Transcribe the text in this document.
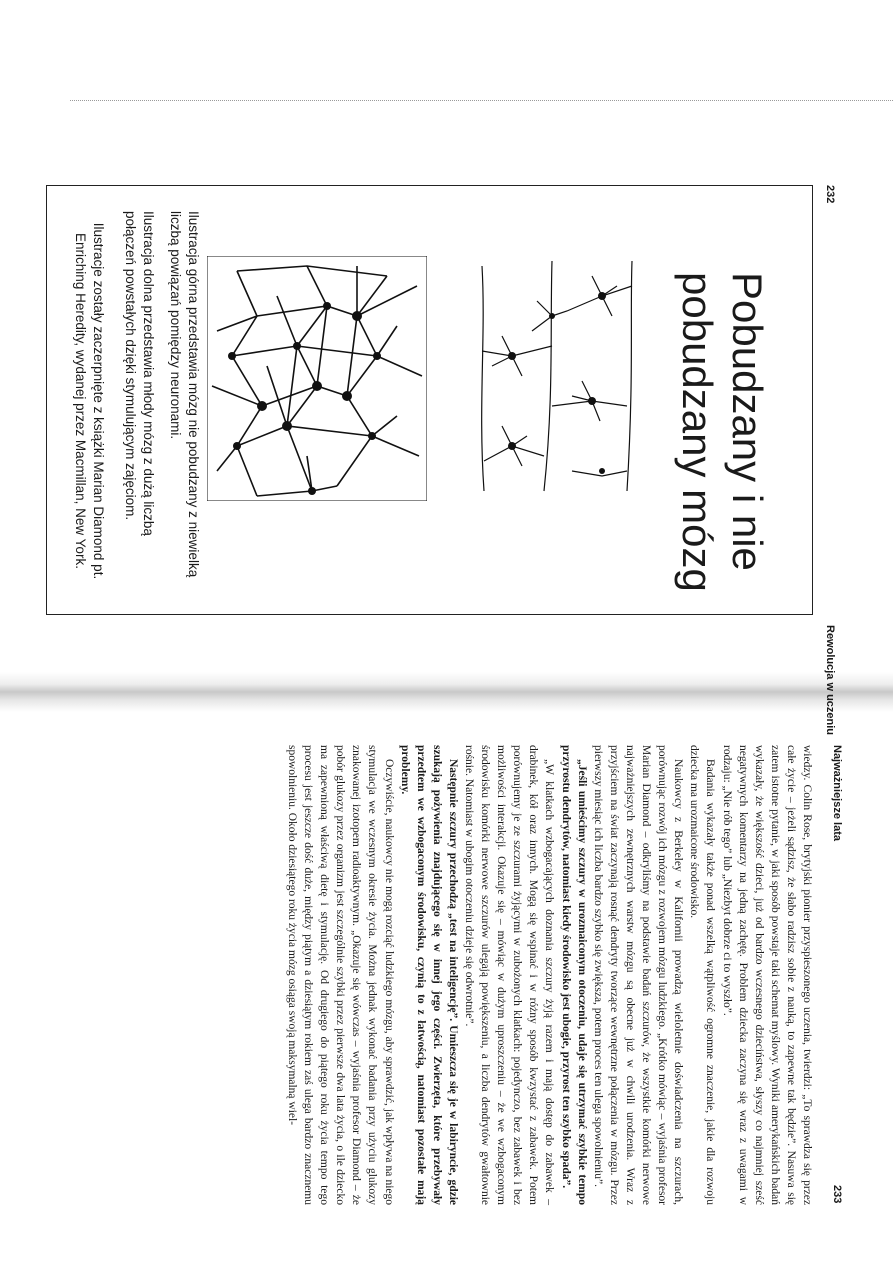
232
Rewolucja w uczeniu
Pobudzany i nie pobudzany mózg
Ilustracja górna przedstawia mózg nie pobudzany z niewielką liczbą powiązań pomiędzy neuronami.
Ilustracja dolna przedstawia młody mózg z dużą liczbą połączeń powstałych dzięki stymulującym zajęciom.
Ilustracje zostały zaczerpnięte z książki Marian Diamond pt. Enriching Heredity, wydanej przez Macmillan, New York.
Najważniejsze lata
233

wiedzy. Colin Rose, brytyjski pionier przyspieszonego uczenia, twierdzi: „To sprawdza się przez całe życie – jeżeli sądzisz, że słabo radzisz sobie z nauką, to zapewne tak będzie”. Nasuwa się zatem istotne pytanie, w jaki sposób powstaje taki schemat myślowy. Wyniki amerykańskich badań wykazały, że większość dzieci, już od bardzo wczesnego dzieciństwa, słyszy co najmniej sześć negatywnych komentarzy na jedną zachętę. Problem dziecka zaczyna się wraz z uwagami w rodzaju: „Nie rób tego” lub „Niezbyt dobrze ci to wyszło”.

Badania wykazały także ponad wszelką wątpliwość ogromne znaczenie, jakie dla rozwoju dziecka ma urozmaicone środowisko.

Naukowcy z Berkeley w Kalifornii prowadzą wieloletnie doświadczenia na szczurach, porównując rozwój ich mózgu z rozwojem mózgu ludzkiego. „Krótko mówiąc – wyjaśnia profesor Marian Diamond – odkryliśmy na podstawie badań szczurów, że wszystkie komórki nerwowe najważniejszych zewnętrznych warstw mózgu są obecne już w chwili urodzenia. Wraz z przyjściem na świat zaczynają rosnąć dendryty tworzące wewnętrzne połączenia w mózgu. Przez pierwszy miesiąc ich liczba bardzo szybko się zwiększa, potem proces ten ulega spowolnieniu”.

„Jeśli umieścimy szczury w urozmaiconym otoczeniu, udaje się utrzymać szybkie tempo przyrostu dendrytów, natomiast kiedy środowisko jest ubogie, przyrost ten szybko spada”.

„W klatkach wzbogacających doznania szczury żyją razem i mają dostęp do zabawek – drabinek, kół oraz innych. Mogą się wspinać i w różny sposób kwzystać z zabawek. Potem porównujemy je ze szczurami żyjącymi w zubożonych klatkach: pojedynczo, bez zabawek i bez możliwości interakcji. Okazuje się – mówiąc w dużym uproszczeniu – że we wzbogaconym środowisku komórki nerwowe szczurów ulegają powiększeniu, a liczba dendrytów gwałtownie rośnie. Natomiast w ubogim otoczeniu dzieje się odwrotnie”.

Następnie szczury przechodzą „test na inteligencję”. Umieszcza się je w labiryncie, gdzie szukają pożywienia znajdującego się w innej jego części. Zwierzęta, które przebywały przedtem we wzbogaconym środowisku, czynią to z łatwością, natomiast pozostałe mają problemy.

Oczywiście, naukowcy nie mogą rozciąć ludzkiego mózgu, aby sprawdzić, jak wpływa na niego stymulacja we wczesnym okresie życia. Można jednak wykonać badania przy użyciu glukozy znakowanej izotopem radioaktywnym. „Okazuje się wówczas – wyjaśnia profesor Diamond – że pobór glukozy przez organizm jest szczególnie szybki przez pierwsze dwa lata życia, o ile dziecko ma zapewnioną właściwą dietę i stymulację. Od drugiego do piątego roku życia tempo tego procesu jest jeszcze dość duże, między piątym a dziesiątym rokiem zaś ulega bardzo znacznemu spowolnieniu. Około dziesiątego roku życia mózg osiąga swoją maksymalną wiel-
